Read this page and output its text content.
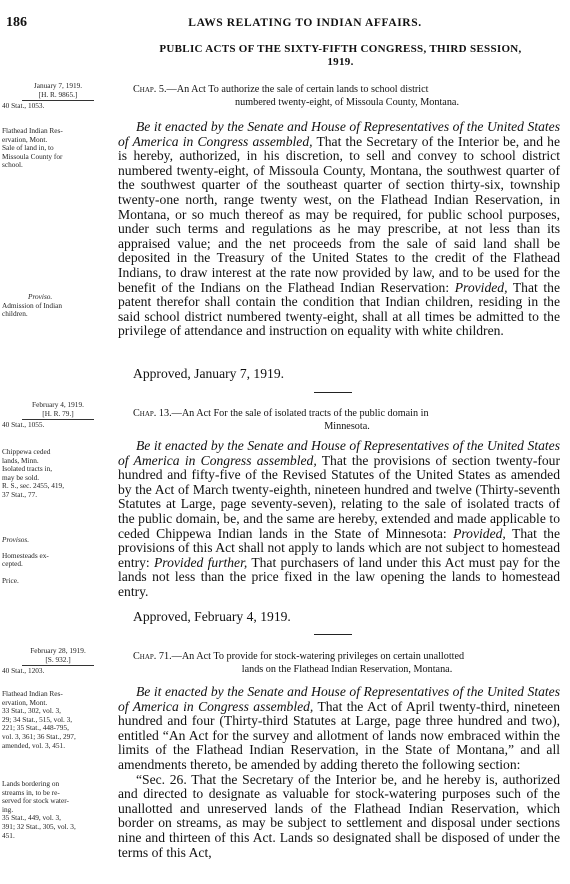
186	LAWS RELATING TO INDIAN AFFAIRS.
PUBLIC ACTS OF THE SIXTY-FIFTH CONGRESS, THIRD SESSION,
1919.
January 7, 1919.
[H. R. 9865.]
40 Stat., 1053.
Chap. 5.—An Act To authorize the sale of certain lands to school district
numbered twenty-eight, of Missoula County, Montana.
Flathead Indian Res-
ervation, Mont.
Sale of land in, to
Missoula County for
school.
Proviso.
Admission of Indian
children.

Be it enacted by the Senate and House of Representatives of the United States of America in Congress assembled, That the Secretary of the Interior be, and he is hereby, authorized, in his discretion, to sell and convey to school district numbered twenty-eight, of Missoula County, Montana, the southwest quarter of the southwest quarter of the southeast quarter of section thirty-six, township twenty-one north, range twenty west, on the Flathead Indian Reservation, in Montana, or so much thereof as may be required, for public school purposes, under such terms and regulations as he may prescribe, at not less than its appraised value; and the net proceeds from the sale of said land shall be deposited in the Treasury of the United States to the credit of the Flathead Indians, to draw interest at the rate now provided by law, and to be used for the benefit of the Indians on the Flathead Indian Reservation: Provided, That the patent therefor shall contain the condition that Indian children, residing in the said school district numbered twenty-eight, shall at all times be admitted to the privilege of attendance and instruction on equality with white children.

Approved, January 7, 1919.
February 4, 1919.
[H. R. 79.]
40 Stat., 1055.
Chap. 13.—An Act For the sale of isolated tracts of the public domain in
Minnesota.
Chippewa ceded
lands, Minn.
Isolated tracts in,
may be sold.
R. S., sec. 2455, 419,
37 Stat., 77.
Provisos.
Homesteads ex-
cepted.
Price.

Be it enacted by the Senate and House of Representatives of the United States of America in Congress assembled, That the provisions of section twenty-four hundred and fifty-five of the Revised Statutes of the United States as amended by the Act of March twenty-eighth, nineteen hundred and twelve (Thirty-seventh Statutes at Large, page seventy-seven), relating to the sale of isolated tracts of the public domain, be, and the same are hereby, extended and made applicable to ceded Chippewa Indian lands in the State of Minnesota: Provided, That the provisions of this Act shall not apply to lands which are not subject to homestead entry: Provided further, That purchasers of land under this Act must pay for the lands not less than the price fixed in the law opening the lands to homestead entry.

Approved, February 4, 1919.
February 28, 1919.
[S. 932.]
40 Stat., 1203.
Chap. 71.—An Act To provide for stock-watering privileges on certain unallotted
lands on the Flathead Indian Reservation, Montana.
Flathead Indian Res-
ervation, Mont.
33 Stat., 302, vol. 3,
29; 34 Stat., 515, vol. 3,
221; 35 Stat., 448-795,
vol. 3, 361; 36 Stat., 297,
amended, vol. 3, 451.
Lands bordering on
streams in, to be re-
served for stock water-
ing.
35 Stat., 449, vol. 3,
391; 32 Stat., 305, vol. 3,
451.

Be it enacted by the Senate and House of Representatives of the United States of America in Congress assembled, That the Act of April twenty-third, nineteen hundred and four (Thirty-third Statutes at Large, page three hundred and two), entitled “An Act for the survey and allotment of lands now embraced within the limits of the Flathead Indian Reservation, in the State of Montana,” and all amendments thereto, be amended by adding thereto the following section:

“Sec. 26. That the Secretary of the Interior be, and he hereby is, authorized and directed to designate as valuable for stock-watering purposes such of the unallotted and unreserved lands of the Flathead Indian Reservation, which border on streams, as may be subject to settlement and disposal under sections nine and thirteen of this Act. Lands so designated shall be disposed of under the terms of this Act,
